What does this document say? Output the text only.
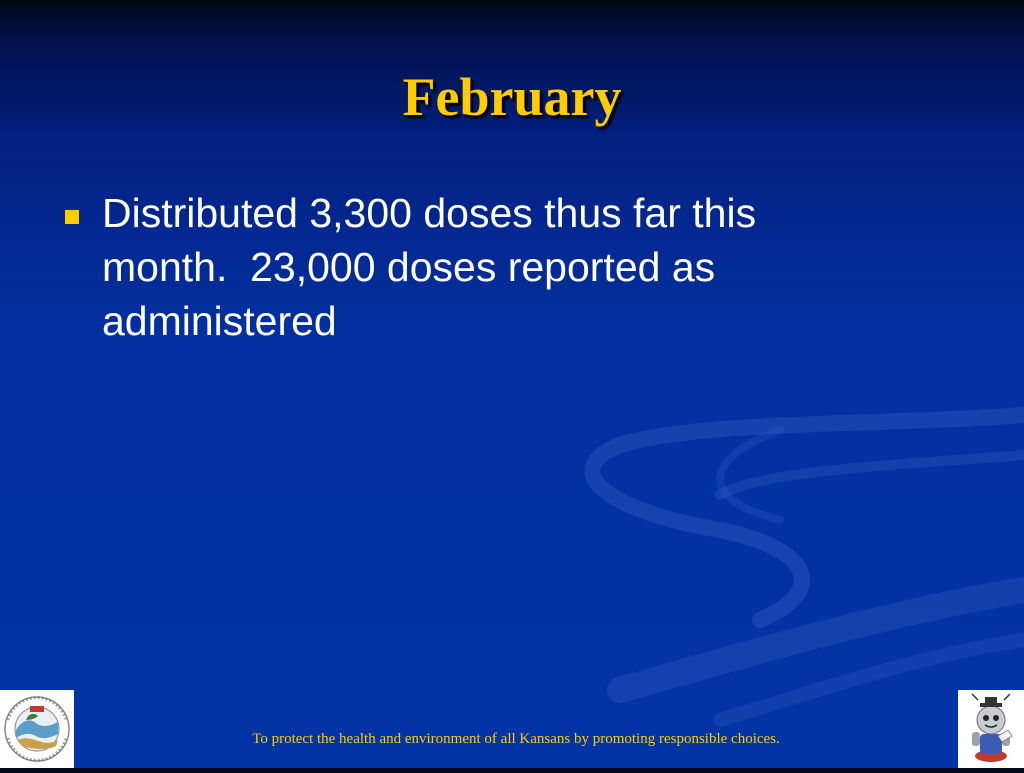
February
Distributed 3,300 doses thus far this month.  23,000 doses reported as administered
To protect the health and environment of all Kansans by promoting responsible choices.
